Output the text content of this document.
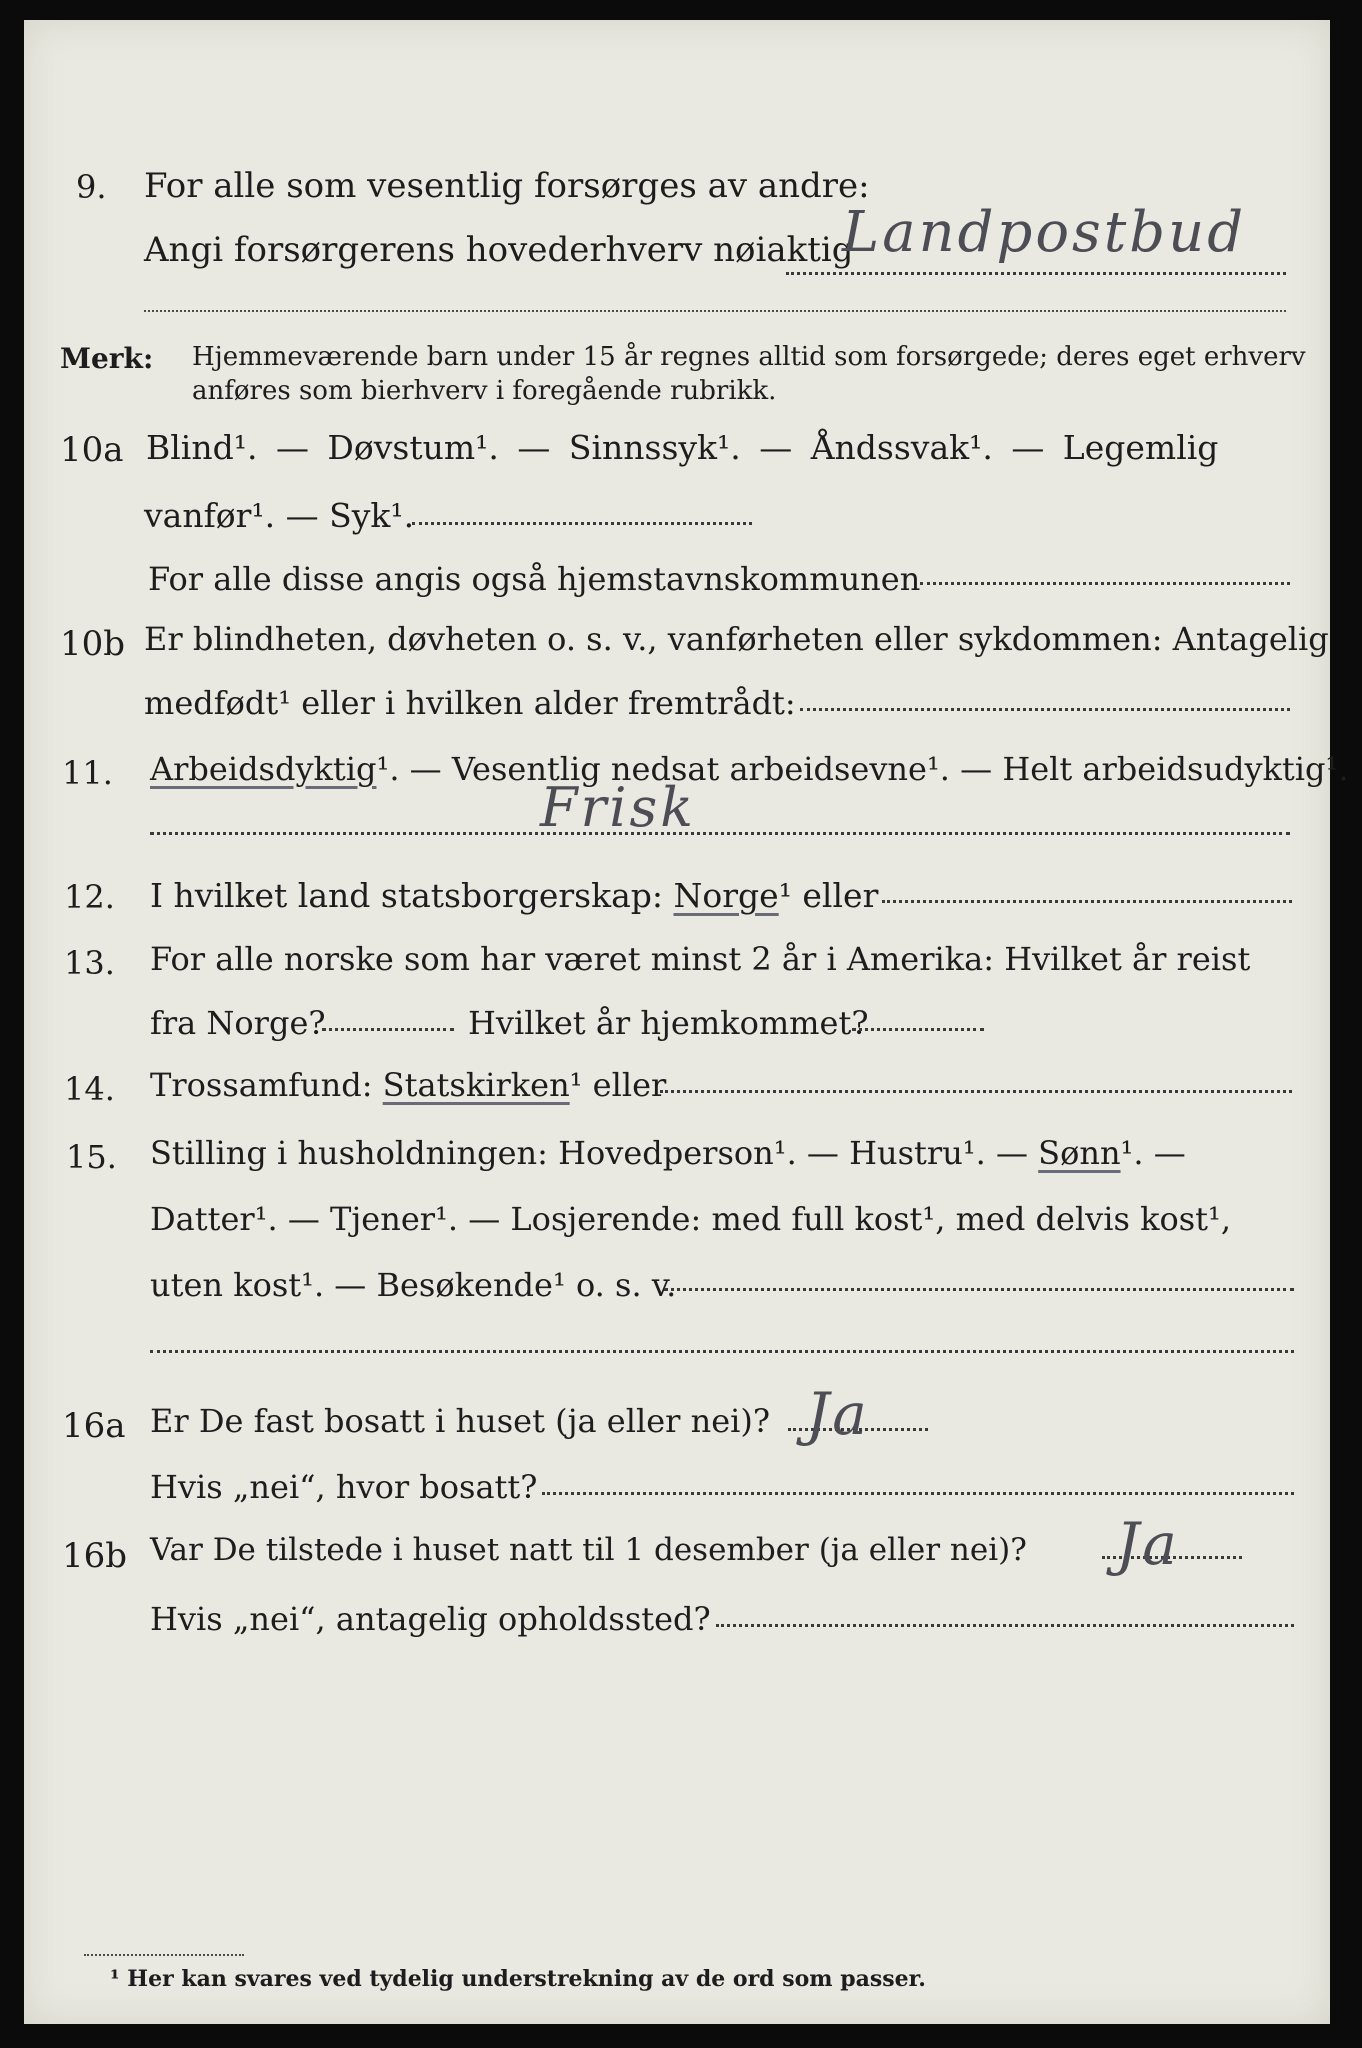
9. For alle som vesentlig forsørges av andre:
Angi forsørgerens hovederhverv nøiaktig
Landpostbud
Merk: Hjemmeværende barn under 15 år regnes alltid som forsørgede; deres eget erhverv
anføres som bierhverv i foregående rubrikk.
10a Blind¹. — Døvstum¹. — Sinnssyk¹. — Åndssvak¹. — Legemlig
vanfør¹. — Syk¹.
For alle disse angis også hjemstavnskommunen
10b Er blindheten, døvheten o. s. v., vanførheten eller sykdommen: Antagelig
medfødt¹ eller i hvilken alder fremtrådt:
11. Arbeidsdyktig¹. — Vesentlig nedsat arbeidsevne¹. — Helt arbeidsudyktig¹.
Frisk
12. I hvilket land statsborgerskap: Norge¹ eller
13. For alle norske som har været minst 2 år i Amerika: Hvilket år reist
fra Norge?	Hvilket år hjemkommet?
14. Trossamfund: Statskirken¹ eller
15. Stilling i husholdningen: Hovedperson¹. — Hustru¹. — Sønn¹. —
Datter¹. — Tjener¹. — Losjerende: med full kost¹, med delvis kost¹,
uten kost¹. — Besøkende¹ o. s. v.
16a Er De fast bosatt i huset (ja eller nei)? Ja
Hvis „nei“, hvor bosatt?
16b Var De tilstede i huset natt til 1 desember (ja eller nei)? Ja
Hvis „nei“, antagelig opholdssted?
¹ Her kan svares ved tydelig understrekning av de ord som passer.
